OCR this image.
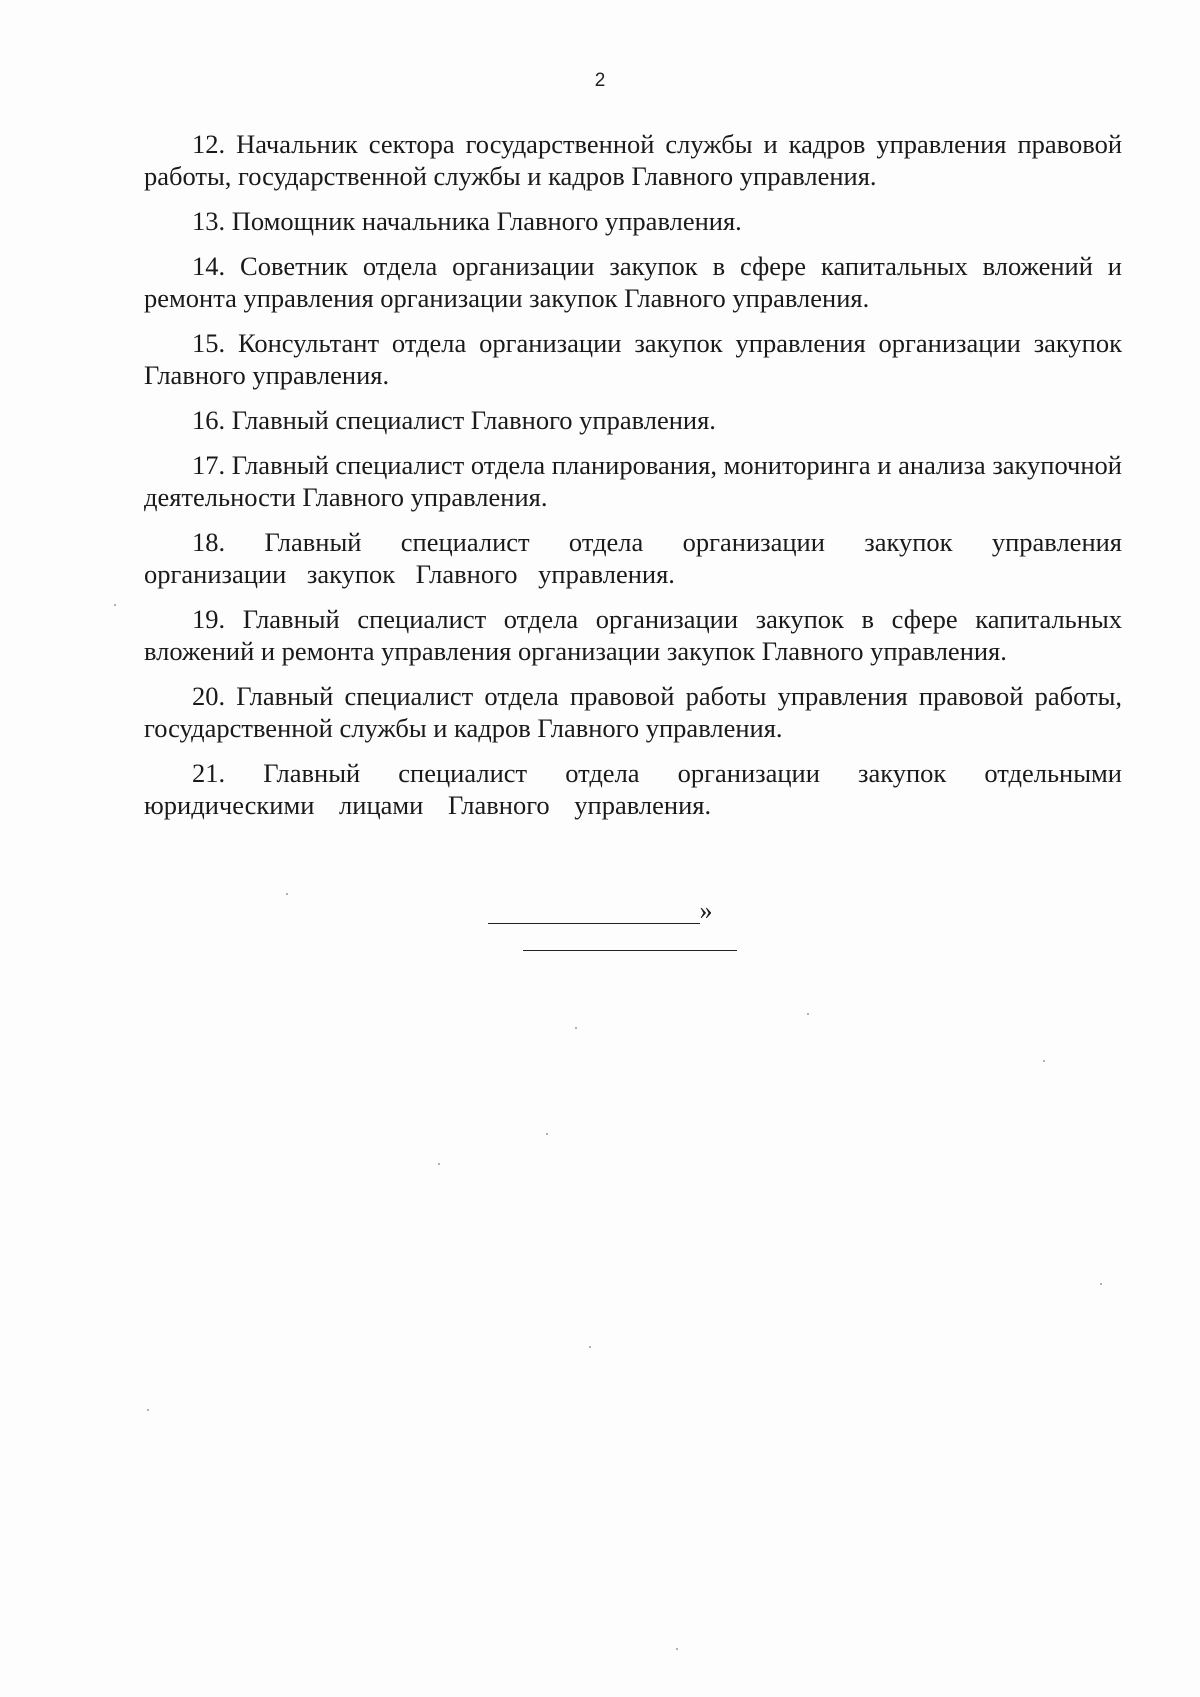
2

12. Начальник сектора государственной службы и кадров управления правовой работы, государственной службы и кадров Главного управления.

13. Помощник начальника Главного управления.

14. Советник отдела организации закупок в сфере капитальных вложений и ремонта управления организации закупок Главного управления.

15. Консультант отдела организации закупок управления организации закупок Главного управления.

16. Главный специалист Главного управления.

17. Главный специалист отдела планирования, мониторинга и анализа закупочной деятельности Главного управления.

18. Главный специалист отдела организации закупок управления организации закупок Главного управления.

19. Главный специалист отдела организации закупок в сфере капитальных вложений и ремонта управления организации закупок Главного управления.

20. Главный специалист отдела правовой работы управления правовой работы, государственной службы и кадров Главного управления.

21. Главный специалист отдела организации закупок отдельными юридическими лицами Главного управления.

»
